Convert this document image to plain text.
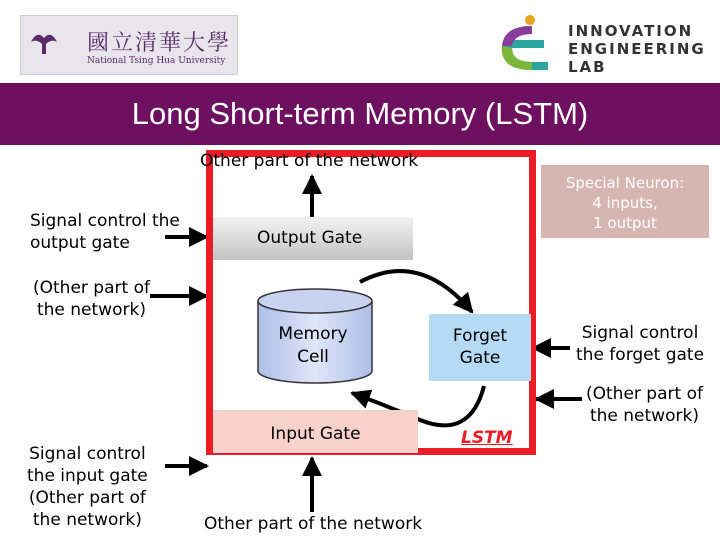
國立清華大學
National Tsing Hua University
INNOVATION
ENGINEERING
LAB
Long Short-term Memory (LSTM)
Other part of the network
Special Neuron:
4 inputs,
1 output
Signal control the
output gate
(Other part of
the network)
Output Gate
Memory
Cell
Forget
Gate
Signal control
the forget gate
(Other part of
the network)
Input Gate	LSTM
Signal control
the input gate
(Other part of
the network)	Other part of the network
